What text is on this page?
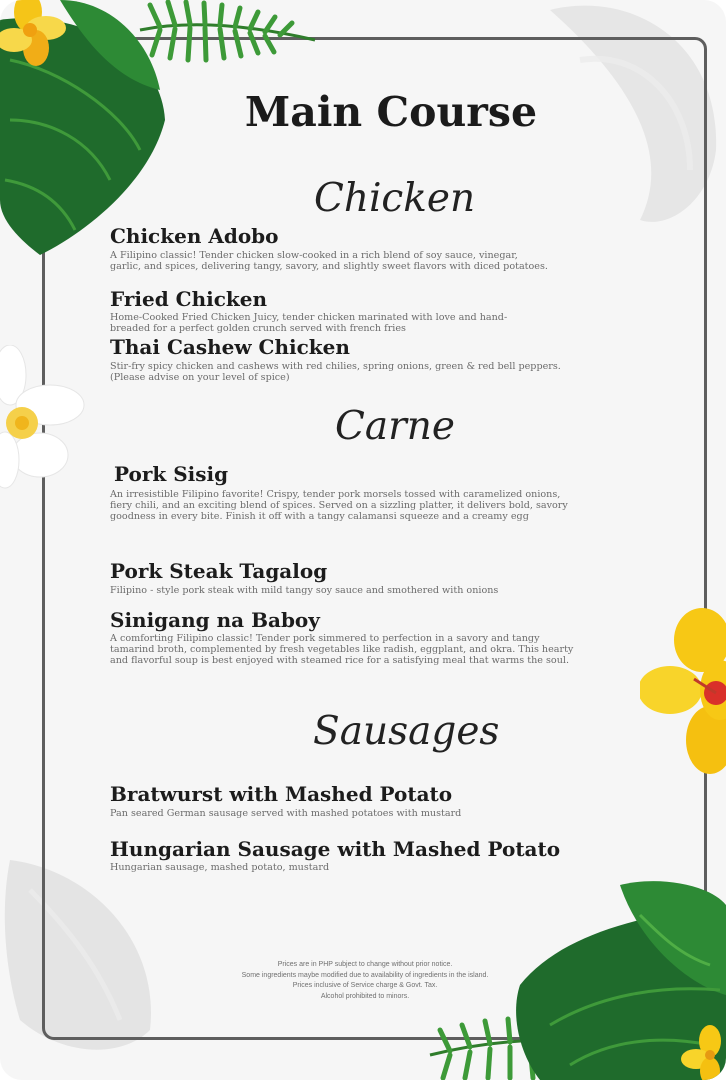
Main Course
Chicken
Chicken Adobo
A Filipino classic! Tender chicken slow-cooked in a rich blend of soy sauce, vinegar, garlic, and spices, delivering tangy, savory, and slightly sweet flavors with diced potatoes.
Fried Chicken
Home-Cooked Fried Chicken Juicy, tender chicken marinated with love and hand-breaded for a perfect golden crunch served with french fries
Thai Cashew Chicken
Stir-fry spicy chicken and cashews with red chilies, spring onions, green & red bell peppers. (Please advise on your level of spice)
Carne
Pork Sisig
An irresistible Filipino favorite! Crispy, tender pork morsels tossed with caramelized onions, fiery chili, and an exciting blend of spices. Served on a sizzling platter, it delivers bold, savory goodness in every bite. Finish it off with a tangy calamansi squeeze and a creamy egg
Pork Steak Tagalog
Filipino - style pork steak with mild tangy soy sauce and smothered with onions
Sinigang na Baboy
A comforting Filipino classic! Tender pork simmered to perfection in a savory and tangy tamarind broth, complemented by fresh vegetables like radish, eggplant, and okra. This hearty and flavorful soup is best enjoyed with steamed rice for a satisfying meal that warms the soul.
Sausages
Bratwurst with Mashed Potato
Pan seared German sausage served with mashed potatoes with mustard
Hungarian Sausage with Mashed Potato
Hungarian sausage, mashed potato, mustard
Prices are in PHP subject to change without prior notice.
Some ingredients maybe modified due to availability of ingredients in the island.
Prices inclusive of Service charge & Govt. Tax.
Alcohol prohibited to minors.
